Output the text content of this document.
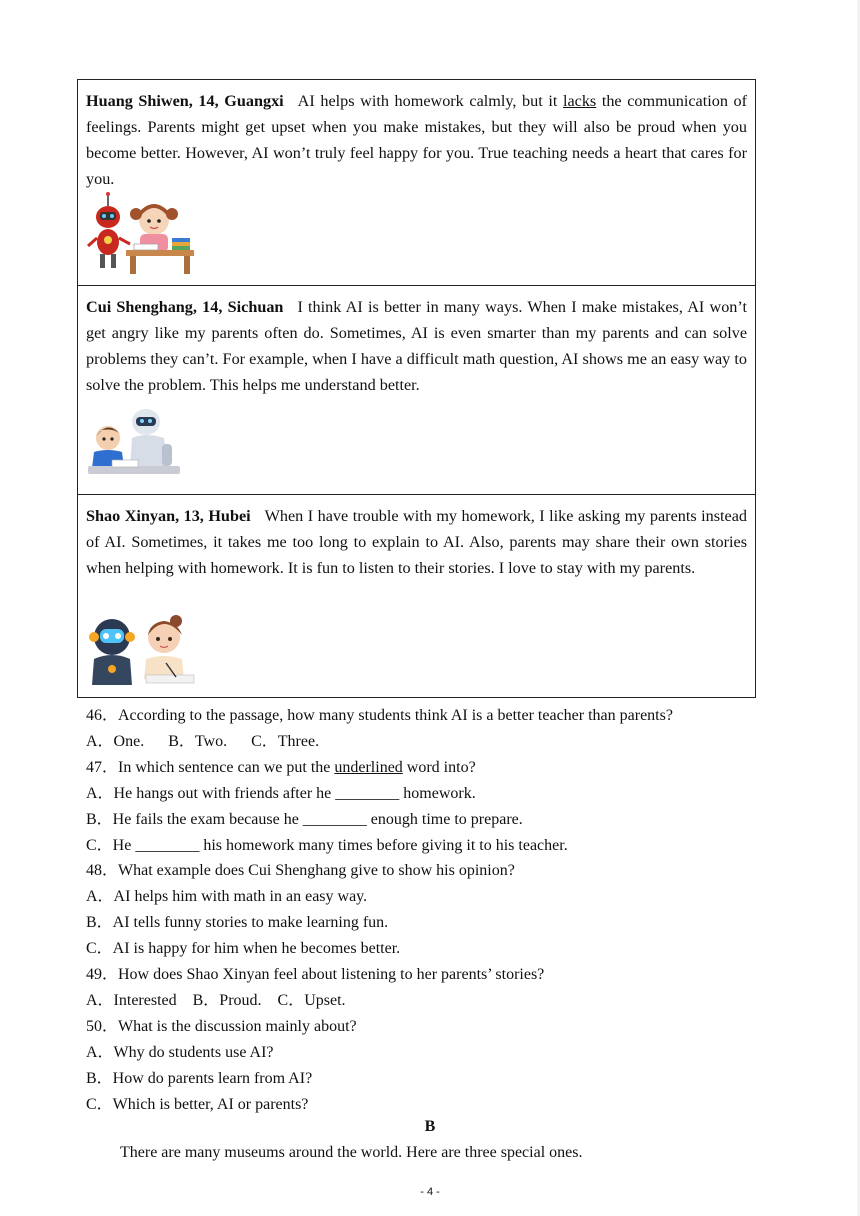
Huang Shiwen, 14, Guangxi AI helps with homework calmly, but it lacks the communication of feelings. Parents might get upset when you make mistakes, but they will also be proud when you become better. However, AI won’t truly feel happy for you. True teaching needs a heart that cares for you.

Cui Shenghang, 14, Sichuan I think AI is better in many ways. When I make mistakes, AI won’t get angry like my parents often do. Sometimes, AI is even smarter than my parents and can solve problems they can’t. For example, when I have a difficult math question, AI shows me an easy way to solve the problem. This helps me understand better.

Shao Xinyan, 13, Hubei When I have trouble with my homework, I like asking my parents instead of AI. Sometimes, it takes me too long to explain to AI. Also, parents may share their own stories when helping with homework. It is fun to listen to their stories. I love to stay with my parents.

46．According to the passage, how many students think AI is a better teacher than parents?
A．One.      B．Two.      C．Three.
47．In which sentence can we put the underlined word into?
A．He hangs out with friends after he ________ homework.
B．He fails the exam because he ________ enough time to prepare.
C．He ________ his homework many times before giving it to his teacher.
48．What example does Cui Shenghang give to show his opinion?
A．AI helps him with math in an easy way.
B．AI tells funny stories to make learning fun.
C．AI is happy for him when he becomes better.
49．How does Shao Xinyan feel about listening to her parents’ stories?
A．Interested    B．Proud.    C．Upset.
50．What is the discussion mainly about?
A．Why do students use AI?
B．How do parents learn from AI?
C．Which is better, AI or parents?
B
There are many museums around the world. Here are three special ones.
- 4 -
